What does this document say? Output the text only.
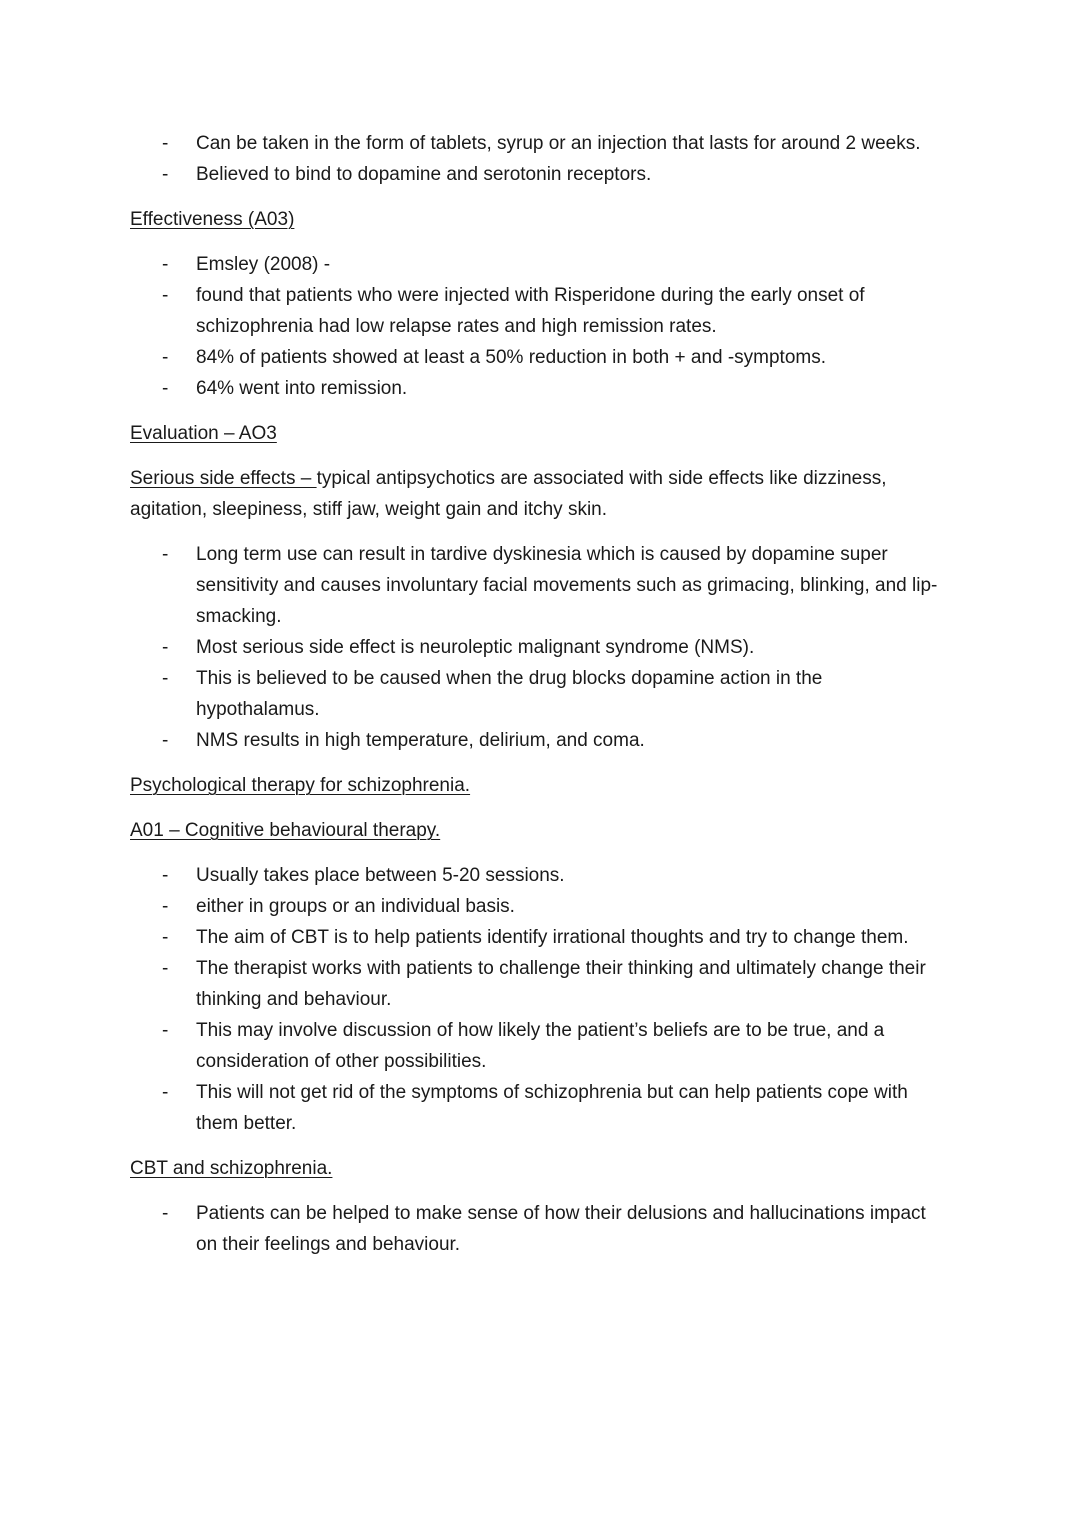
- Can be taken in the form of tablets, syrup or an injection that lasts for around 2 weeks.
- Believed to bind to dopamine and serotonin receptors.
Effectiveness (A03)
- Emsley (2008) -
- found that patients who were injected with Risperidone during the early onset of schizophrenia had low relapse rates and high remission rates.
- 84% of patients showed at least a 50% reduction in both + and -symptoms.
- 64% went into remission.
Evaluation – AO3

Serious side effects – typical antipsychotics are associated with side effects like dizziness, agitation, sleepiness, stiff jaw, weight gain and itchy skin.

- Long term use can result in tardive dyskinesia which is caused by dopamine super sensitivity and causes involuntary facial movements such as grimacing, blinking, and lip-smacking.
- Most serious side effect is neuroleptic malignant syndrome (NMS).
- This is believed to be caused when the drug blocks dopamine action in the hypothalamus.
- NMS results in high temperature, delirium, and coma.
Psychological therapy for schizophrenia.
A01 – Cognitive behavioural therapy.
- Usually takes place between 5-20 sessions.
- either in groups or an individual basis.
- The aim of CBT is to help patients identify irrational thoughts and try to change them.
- The therapist works with patients to challenge their thinking and ultimately change their thinking and behaviour.
- This may involve discussion of how likely the patient’s beliefs are to be true, and a consideration of other possibilities.
- This will not get rid of the symptoms of schizophrenia but can help patients cope with them better.
CBT and schizophrenia.
- Patients can be helped to make sense of how their delusions and hallucinations impact on their feelings and behaviour.
